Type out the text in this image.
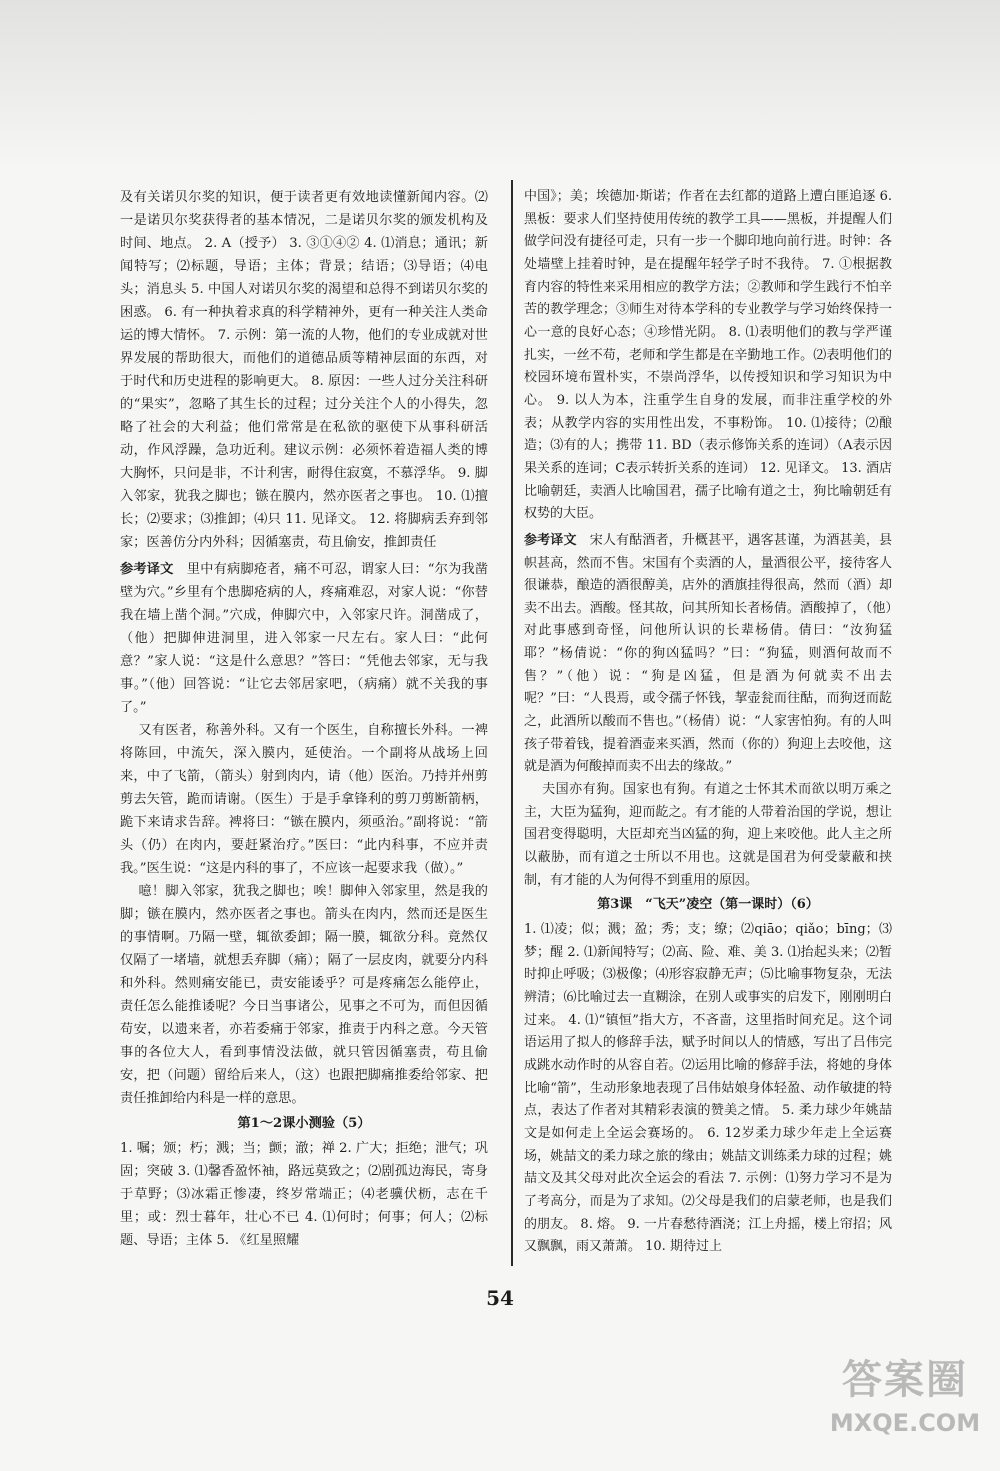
及有关诺贝尔奖的知识，便于读者更有效地读懂新闻内容。⑵一是诺贝尔奖获得者的基本情况，二是诺贝尔奖的颁发机构及时间、地点。 2. A（授予） 3. ③①④② 4. ⑴消息；通讯；新闻特写；⑵标题，导语；主体；背景；结语；⑶导语；⑷电头；消息头 5. 中国人对诺贝尔奖的渴望和总得不到诺贝尔奖的困惑。 6. 有一种执着求真的科学精神外，更有一种关注人类命运的博大情怀。 7. 示例：第一流的人物，他们的专业成就对世界发展的帮助很大，而他们的道德品质等精神层面的东西，对于时代和历史进程的影响更大。 8. 原因：一些人过分关注科研的“果实”，忽略了其生长的过程；过分关注个人的小得失，忽略了社会的大利益；他们常常是在私欲的驱使下从事科研活动，作风浮躁，急功近利。建议示例：必须怀着造福人类的博大胸怀，只问是非，不计利害，耐得住寂寞，不慕浮华。 9. 脚入邻家，犹我之脚也；镞在膜内，然亦医者之事也。 10. ⑴擅长；⑵要求；⑶推卸；⑷只 11. 见译文。 12. 将脚病丢弃到邻家；医善仿分内外科；因循塞责，苟且偷安，推卸责任

参考译文　 里中有病脚疮者，痛不可忍，谓家人曰：“尔为我凿壁为穴。”乡里有个患脚疮病的人，疼痛难忍，对家人说：“你替我在墙上凿个洞。”穴成，伸脚穴中，入邻家尺许。洞凿成了，（他）把脚伸进洞里，进入邻家一尺左右。家人曰：“此何意？”家人说：“这是什么意思？”答曰：“凭他去邻家，无与我事。”（他）回答说：“让它去邻居家吧，（病痛）就不关我的事了。”

又有医者，称善外科。又有一个医生，自称擅长外科。一裨将陈回，中流矢，深入膜内，延使治。一个副将从战场上回来，中了飞箭，（箭头）射到肉内，请（他）医治。乃持并州剪剪去矢管，跪而请谢。（医生）于是手拿锋利的剪刀剪断箭柄，跪下来请求告辞。裨将曰：“镞在膜内，须亟治。”副将说：“箭头（仍）在肉内，要赶紧治疗。”医曰：“此内科事，不应并责我。”医生说：“这是内科的事了，不应该一起要求我（做）。”

噫！脚入邻家，犹我之脚也；唉！脚伸入邻家里，然是我的脚；镞在膜内，然亦医者之事也。箭头在肉内，然而还是医生的事情啊。乃隔一壁，辄欲委卸；隔一膜，辄欲分科。竟然仅仅隔了一堵墙，就想丢弃脚（痛）；隔了一层皮肉，就要分内科和外科。然则痛安能已，责安能诿乎？可是疼痛怎么能停止，责任怎么能推诿呢？今日当事诸公，见事之不可为，而但因循苟安，以遗来者，亦若委痛于邻家，推责于内科之意。今天管事的各位大人，看到事情没法做，就只管因循塞责，苟且偷安，把（问题）留给后来人，（这）也跟把脚痛推委给邻家、把责任推卸给内科是一样的意思。

第1～2课小测验（5）

1. 嘱；颁；朽；溅；当；颤；澈；禅 2. 广大；拒绝；泄气；巩固；突破 3. ⑴馨香盈怀袖，路远莫致之；⑵剧孤边海民，寄身于草野；⑶冰霜正惨凄，终岁常端正；⑷老骥伏枥，志在千里；或：烈士暮年，壮心不已 4. ⑴何时；何事；何人；⑵标题、导语；主体 5. 《红星照耀

中国》；美；埃德加·斯诺；作者在去红都的道路上遭白匪追逐 6. 黑板：要求人们坚持使用传统的教学工具——黑板，并提醒人们做学问没有捷径可走，只有一步一个脚印地向前行进。时钟：各处墙壁上挂着时钟，是在提醒年轻学子时不我待。 7. ①根据教育内容的特性来采用相应的教学方法；②教师和学生践行不怕辛苦的教学理念；③师生对待本学科的专业教学与学习始终保持一心一意的良好心态；④珍惜光阴。 8. ⑴表明他们的教与学严谨扎实，一丝不苟，老师和学生都是在辛勤地工作。⑵表明他们的校园环境布置朴实，不崇尚浮华，以传授知识和学习知识为中心。 9. 以人为本，注重学生自身的发展，而非注重学校的外表；从教学内容的实用性出发，不事粉饰。 10. ⑴接待；⑵酿造；⑶有的人；携带 11. BD（表示修饰关系的连词）（A表示因果关系的连词；C表示转折关系的连词） 12. 见译文。 13. 酒店比喻朝廷，卖酒人比喻国君，孺子比喻有道之士，狗比喻朝廷有权势的大臣。

参考译文　 宋人有酤酒者，升概甚平，遇客甚谨，为酒甚美，县帜甚高，然而不售。宋国有个卖酒的人，量酒很公平，接待客人很谦恭，酿造的酒很醇美，店外的酒旗挂得很高，然而（酒）却卖不出去。酒酸。怪其故，问其所知长者杨倩。酒酸掉了，（他）对此事感到奇怪，问他所认识的长辈杨倩。倩曰：“汝狗猛耶？”杨倩说：“你的狗凶猛吗？”曰：“狗猛，则酒何故而不售？”（他）说：“狗是凶猛，但是酒为何就卖不出去呢？”曰：“人畏焉，或令孺子怀钱，挈壶瓮而往酤，而狗迓而龁之，此酒所以酸而不售也。”（杨倩）说：“人家害怕狗。有的人叫孩子带着钱，提着酒壶来买酒，然而（你的）狗迎上去咬他，这就是酒为何酸掉而卖不出去的缘故。”

夫国亦有狗。国家也有狗。有道之士怀其术而欲以明万乘之主，大臣为猛狗，迎而龁之。有才能的人带着治国的学说，想让国君变得聪明，大臣却充当凶猛的狗，迎上来咬他。此人主之所以蔽胁，而有道之士所以不用也。这就是国君为何受蒙蔽和挟制，有才能的人为何得不到重用的原因。

第3课　“飞天”凌空（第一课时）（6）

1. ⑴凌；似；溅；盈；秀；支；缭；⑵qiāo；qiǎo；bīng；⑶梦；醒 2. ⑴新闻特写；⑵高、险、难、美 3. ⑴抬起头来；⑵暂时抑止呼吸；⑶极像；⑷形容寂静无声；⑸比喻事物复杂，无法辨清；⑹比喻过去一直糊涂，在别人或事实的启发下，刚刚明白过来。 4. ⑴“镇恒”指大方，不吝啬，这里指时间充足。这个词语运用了拟人的修辞手法，赋予时间以人的情感，写出了吕伟完成跳水动作时的从容自若。⑵运用比喻的修辞手法，将她的身体比喻“箭”，生动形象地表现了吕伟姑娘身体轻盈、动作敏捷的特点，表达了作者对其精彩表演的赞美之情。 5. 柔力球少年姚喆文是如何走上全运会赛场的。 6. 12岁柔力球少年走上全运赛场，姚喆文的柔力球之旅的缘由；姚喆文训练柔力球的过程；姚喆文及其父母对此次全运会的看法 7. 示例：⑴努力学习不是为了考高分，而是为了求知。⑵父母是我们的启蒙老师，也是我们的朋友。 8. 熔。 9. 一片春愁待酒浇；江上舟摇，楼上帘招；风又飘飘，雨又萧萧。 10. 期待过上

54
答案圈
MXQE.COM
